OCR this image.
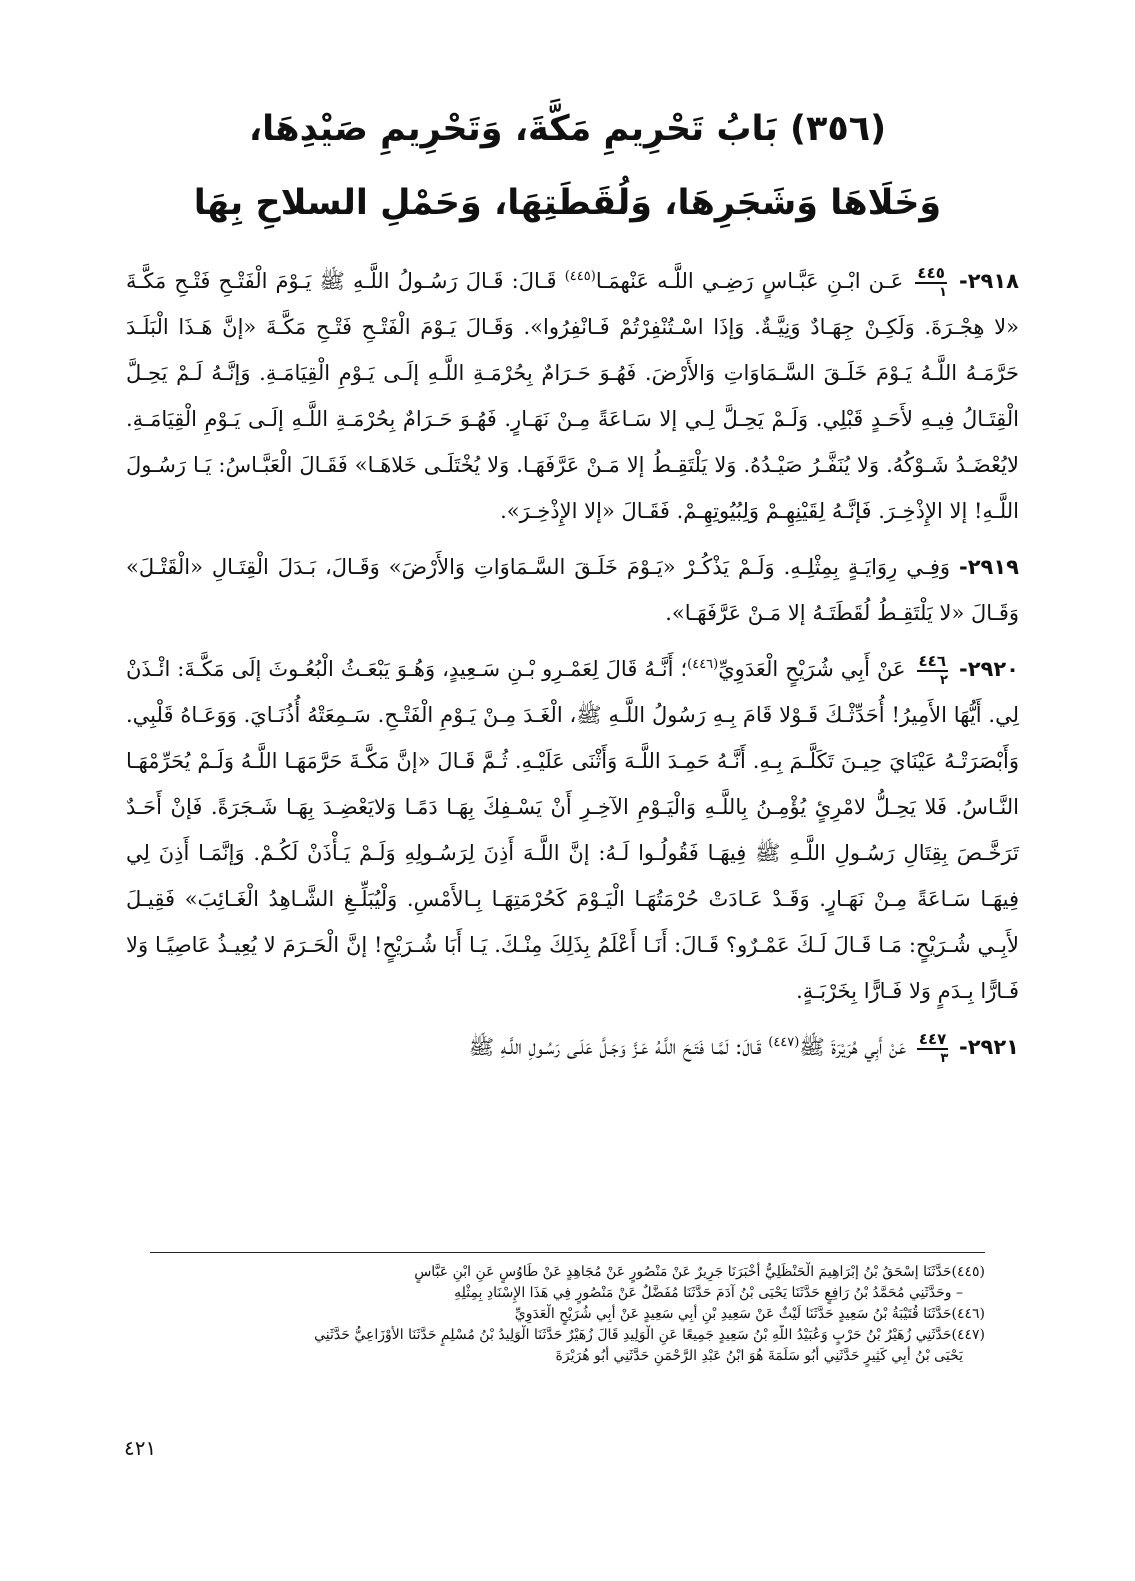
(٣٥٦) بَابُ تَحْرِيمِ مَكَّةَ، وَتَحْرِيمِ صَيْدِهَا،
وَخَلَاهَا وَشَجَرِهَا، وَلُقَطَتِهَا، وَحَمْلِ السلاحِ بِهَا

٢٩١٨-
٤٤٥
١
عَـن ابْـنِ عَبَّـاسٍ رَضِـي اللَّـه عَنْهمَـا$^{(٤٤٥)}$ قَـالَ: قَـالَ رَسُـولُ اللَّـهِ ﷺ يَـوْمَ الْفَتْـحِ فَتْـحِ مَكَّـةَ «لا هِجْـرَةَ. وَلَكِـنْ جِهَـادٌ وَنِيَّـةٌ. وَإذَا اسْـتُنْفِرْتُمْ فَـانْفِرُوا». وَقَـالَ يَـوْمَ الْفَتْـحِ فَتْـحِ مَكَّـةَ «إنَّ هَـذَا الْبَلَـدَ حَرَّمَـهُ اللَّـهُ يَـوْمَ خَلَـقَ السَّـمَاوَاتِ وَالأَرْضَ. فَهُـوَ حَـرَامٌ بِحُرْمَـةِ اللَّـهِ إلَـى يَـوْمِ الْقِيَامَـةِ. وَإنَّـهُ لَـمْ يَحِـلَّ الْقِتَـالُ فِيـهِ لأَحَـدٍ قَبْلِي. وَلَـمْ يَحِـلَّ لِـي إلا سَـاعَةً مِـنْ نَهَـارٍ. فَهُـوَ حَـرَامٌ بِحُرْمَـةِ اللَّـهِ إلَـى يَـوْمِ الْقِيَامَـةِ. لايُعْضَـدُ شَـوْكُهُ. وَلا يُنَفَّـرُ صَيْـدُهُ. وَلا يَلْتَقِـطُ إلا مَـنْ عَرَّفَهَـا. وَلا يُخْتَلَـى خَلاهَـا» فَقَـالَ الْعَبَّـاسُ: يَـا رَسُـولَ اللَّـهِ! إلا الإِذْخِـرَ. فَإنَّـهُ لِقَيْنِهِـمْ وَلِبُيُوتِهِـمْ. فَقَـالَ «إلا الإِذْخِـرَ».

٢٩١٩- وَفِـي رِوَايَـةٍ بِمِثْلِـهِ. وَلَـمْ يَذْكُـرْ «يَـوْمَ خَلَـقَ السَّـمَاوَاتِ وَالأَرْضَ» وَقَـالَ، بَـدَلَ الْقِتَـالِ «الْقَتْـلَ» وَقَـالَ «لا يَلْتَقِـطُ لُقَطَتَـهُ إلا مَـنْ عَرَّفَهَـا».

٢٩٢٠-
٤٤٦
٢
عَنْ أَبِي شُرَيْحٍ الْعَدَوِيِّ$^{(٤٤٦)}$؛ أَنَّـهُ قَالَ لِعَمْـرِو بْـنِ سَـعِيدٍ، وَهُـوَ يَبْعَـثُ الْبُعُـوثَ إلَى مَكَّـةَ: ائْـذَنْ لِي. أَيُّهَا الأَمِيرُ! أُحَدِّثْـكَ قَـوْلا قَامَ بِـهِ رَسُولُ اللَّـهِ ﷺ، الْغَـدَ مِـنْ يَـوْمِ الْفَتْـحِ. سَـمِعَتْهُ أُذُنَـايَ. وَوَعَـاهُ قَلْبِي. وَأَبْصَرَتْـهُ عَيْنَايَ حِيـنَ تَكَلَّـمَ بِـهِ. أَنَّـهُ حَمِـدَ اللَّـهَ وَأَثْنَى عَلَيْـهِ. ثُـمَّ قَـالَ «إنَّ مَكَّـةَ حَرَّمَهَـا اللَّـهُ وَلَـمْ يُحَرِّمْهَـا النَّـاسُ. فَلا يَحِـلُّ لامْرِئٍ يُؤْمِـنُ بِاللَّـهِ وَالْيَـوْمِ الآخِـرِ أَنْ يَسْـفِكَ بِهَـا دَمًـا وَلايَعْضِـدَ بِهَـا شَـجَرَةً. فَإنْ أَحَـدٌ تَرَخَّـصَ بِقِتَالِ رَسُـولِ اللَّـهِ ﷺ فِيهَـا فَقُولُـوا لَـهُ: إنَّ اللَّـهَ أَذِنَ لِرَسُـولِهِ وَلَـمْ يَـأْذَنْ لَكُـمْ. وَإنَّمَـا أَذِنَ لِي فِيهَـا سَـاعَةً مِـنْ نَهَـارٍ. وَقَـدْ عَـادَتْ حُرْمَتُهَـا الْيَـوْمَ كَحُرْمَتِهَـا بِـالأَمْسِ. وَلْيُبَلِّـغِ الشَّـاهِدُ الْغَـائِبَ» فَقِيـلَ لأَبِـي شُـرَيْحٍ: مَـا قَـالَ لَـكَ عَمْـرٌو؟ قَـالَ: أَنَـا أَعْلَمُ بِذَلِكَ مِنْـكَ. يَـا أَبَا شُـرَيْحٍ! إنَّ الْحَـرَمَ لا يُعِيـذُ عَاصِيًـا وَلا فَـارًّا بِـدَمٍ وَلا فَـارًّا بِخَرْبَـةٍ.

٢٩٢١-
٤٤٧
٣
عَنْ أَبِي هُرَيْرَةَ ﷺ$^{(٤٤٧)}$ قَـالَ: لَمَّـا فَتَـحَ اللَّـهُ عَـزَّ وَجَـلَّ عَلَـى رَسُـولِ اللَّـهِ ﷺ

(٤٤٥)حَدَّثَنَا إسْحَقُ بْنُ إبْرَاهِيمَ الْحَنْظَلِيُّ أَخْبَرَنَا جَرِيرٌ عَنْ مَنْصُورٍ عَنْ مُجَاهِدٍ عَنْ طَاوُسٍ عَنِ ابْنِ عَبَّاسٍ
– وحَدَّثَنِي مُحَمَّدُ بْنُ رَافِعٍ حَدَّثَنَا يَحْيَى بْنُ آدَمَ حَدَّثَنَا مُفَضَّلٌ عَنْ مَنْصُورٍ فِي هَذَا الإِسْنَادِ بِمِثْلِهِ
(٤٤٦)حَدَّثَنَا قُتَيْبَةُ بْنُ سَعِيدٍ حَدَّثَنَا لَيْثٌ عَنْ سَعِيدِ بْنِ أَبِي سَعِيدٍ عَنْ أَبِي شُرَيْحٍ الْعَدَوِيِّ
(٤٤٧)حَدَّثَنِي زُهَيْرُ بْنُ حَرْبٍ وَعُبَيْدُ اللَّهِ بْنُ سَعِيدٍ جَمِيعًا عَنِ الْوَلِيدِ قَالَ زُهَيْرٌ حَدَّثَنَا الْوَلِيدُ بْنُ مُسْلِمٍ حَدَّثَنَا الأَوْزَاعِيُّ حَدَّثَنِي
يَحْيَى بْنُ أَبِي كَثِيرٍ حَدَّثَنِي أَبُو سَلَمَةَ هُوَ ابْنُ عَبْدِ الرَّحْمَنِ حَدَّثَنِي أَبُو هُرَيْرَةَ
٤٢١
